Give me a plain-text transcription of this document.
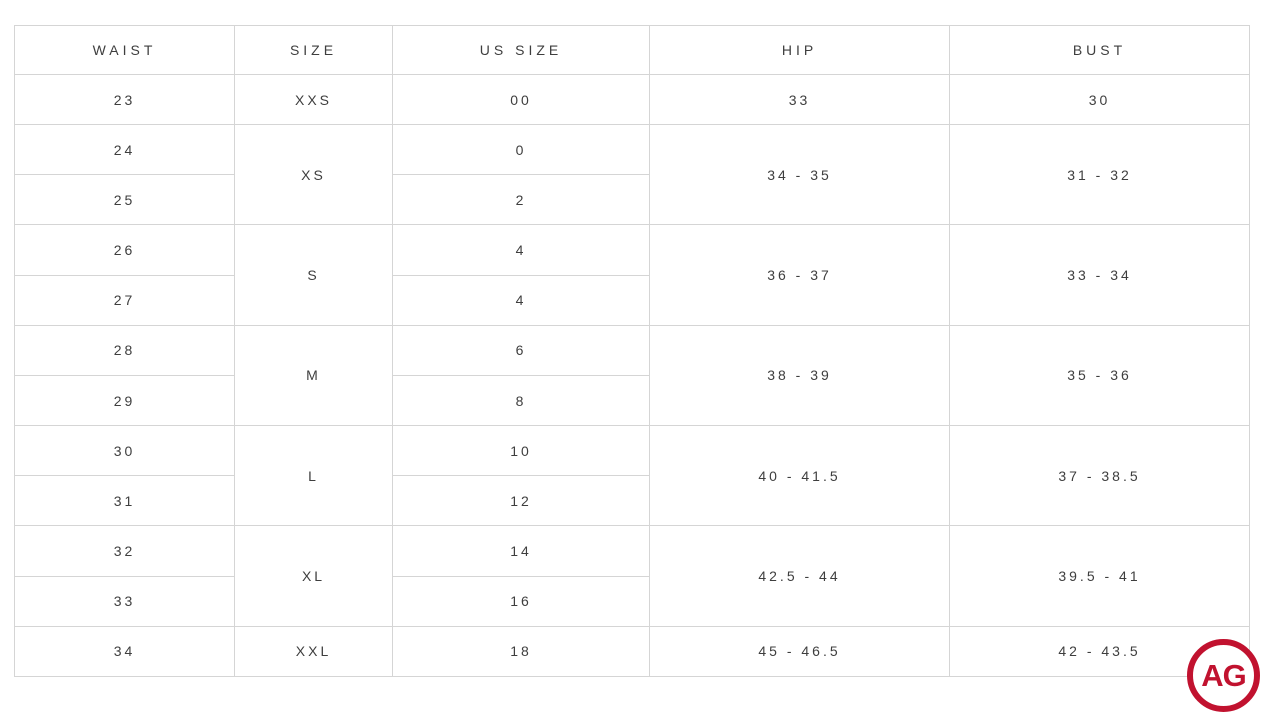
WAIST	SIZE	US SIZE	HIP	BUST
23	XXS	00	33	30
24	XS	0	34 - 35	31 - 32
25		2		
26	S	4	36 - 37	33 - 34
27		4		
28	M	6	38 - 39	35 - 36
29		8		
30	L	10	40 - 41.5	37 - 38.5
31		12		
32	XL	14	42.5 - 44	39.5 - 41
33		16		
34	XXL	18	45 - 46.5	42 - 43.5
AG
